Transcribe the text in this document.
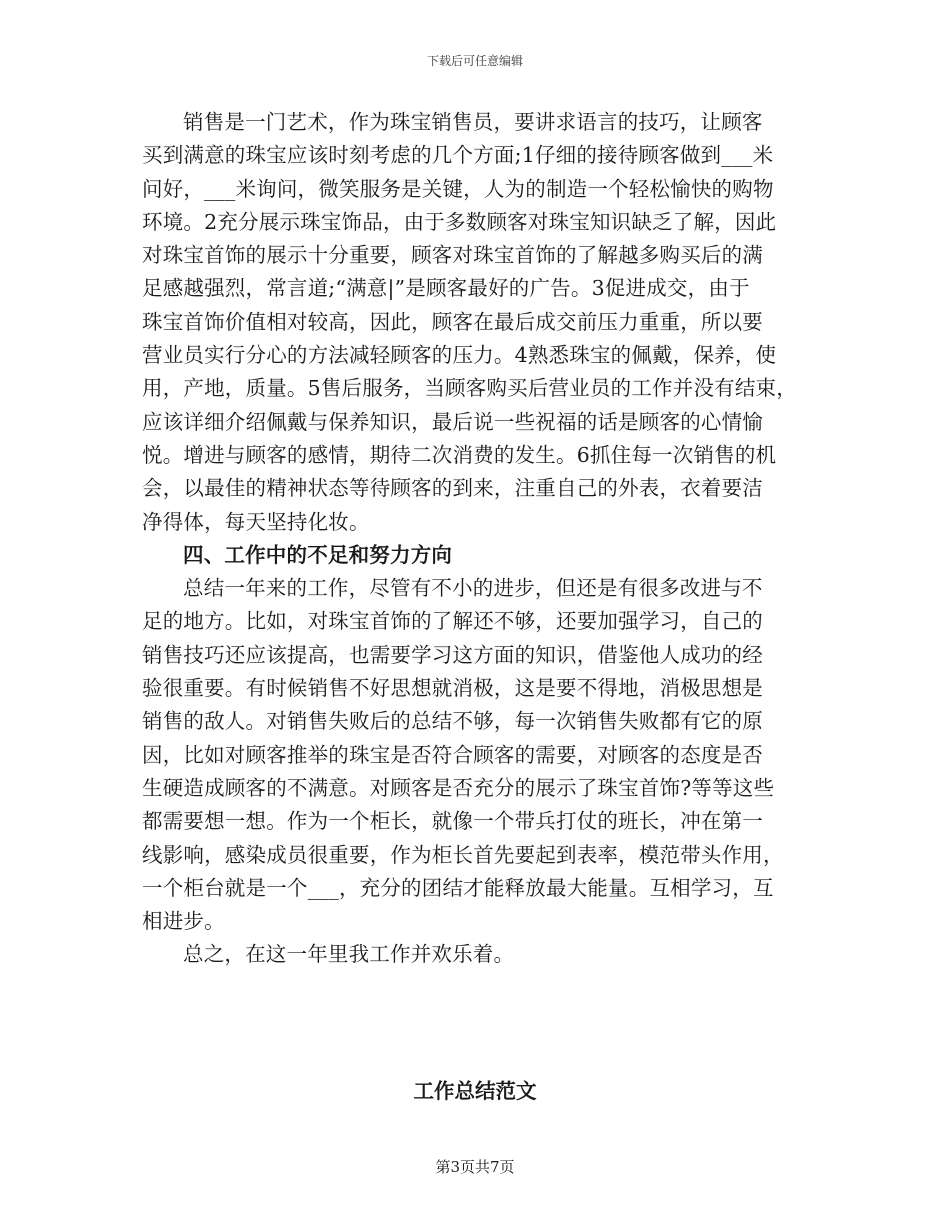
下载后可任意编辑
销售是一门艺术，作为珠宝销售员，要讲求语言的技巧，让顾客
买到满意的珠宝应该时刻考虑的几个方面;1仔细的接待顾客做到___米
问好，___米询问，微笑服务是关键，人为的制造一个轻松愉快的购物
环境。2充分展示珠宝饰品，由于多数顾客对珠宝知识缺乏了解，因此
对珠宝首饰的展示十分重要，顾客对珠宝首饰的了解越多购买后的满
足感越强烈，常言道;“满意|”是顾客最好的广告。3促进成交，由于
珠宝首饰价值相对较高，因此，顾客在最后成交前压力重重，所以要
营业员实行分心的方法减轻顾客的压力。4熟悉珠宝的佩戴，保养，使
用，产地，质量。5售后服务，当顾客购买后营业员的工作并没有结束，
应该详细介绍佩戴与保养知识，最后说一些祝福的话是顾客的心情愉
悦。增进与顾客的感情，期待二次消费的发生。6抓住每一次销售的机
会，以最佳的精神状态等待顾客的到来，注重自己的外表，衣着要洁
净得体，每天坚持化妆。
四、工作中的不足和努力方向
总结一年来的工作，尽管有不小的进步，但还是有很多改进与不
足的地方。比如，对珠宝首饰的了解还不够，还要加强学习，自己的
销售技巧还应该提高，也需要学习这方面的知识，借鉴他人成功的经
验很重要。有时候销售不好思想就消极，这是要不得地，消极思想是
销售的敌人。对销售失败后的总结不够，每一次销售失败都有它的原
因，比如对顾客推举的珠宝是否符合顾客的需要，对顾客的态度是否
生硬造成顾客的不满意。对顾客是否充分的展示了珠宝首饰?等等这些
都需要想一想。作为一个柜长，就像一个带兵打仗的班长，冲在第一
线影响，感染成员很重要，作为柜长首先要起到表率，模范带头作用，
一个柜台就是一个___，充分的团结才能释放最大能量。互相学习，互
相进步。
总之，在这一年里我工作并欢乐着。
工作总结范文
第3页共7页
